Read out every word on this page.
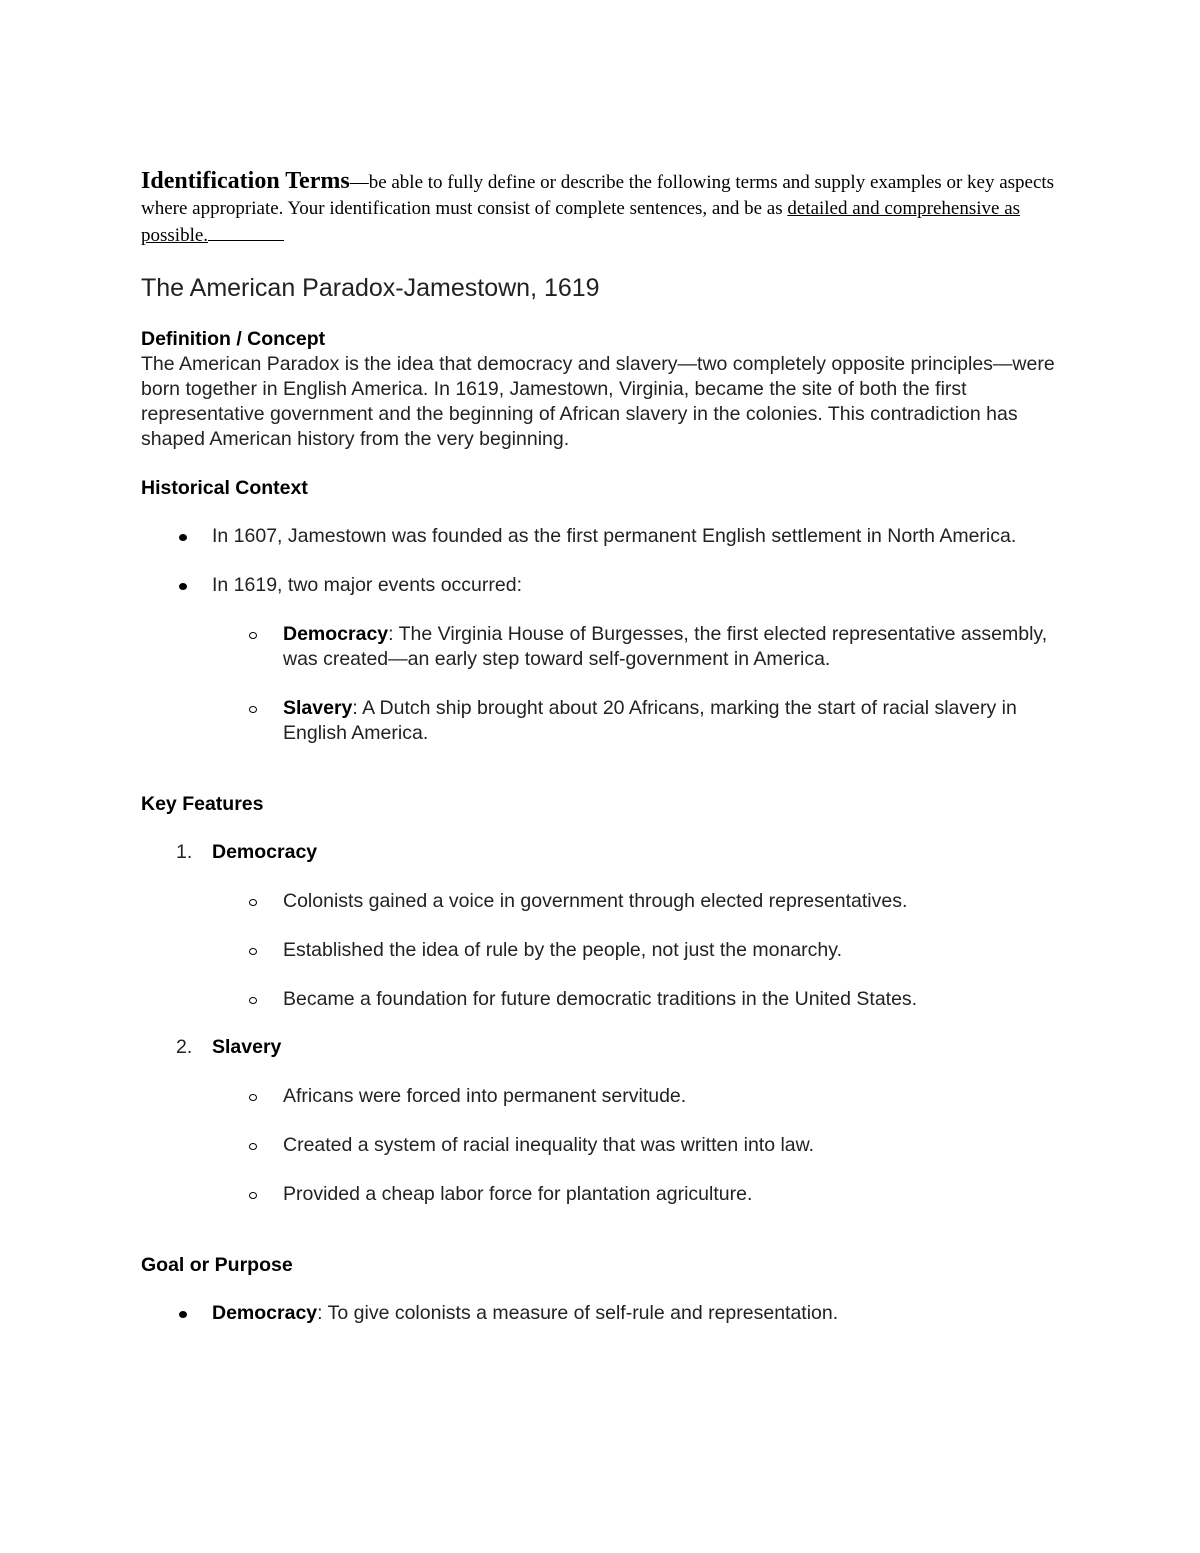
Identification Terms—be able to fully define or describe the following terms and supply examples or key aspects where appropriate. Your identification must consist of complete sentences, and be as detailed and comprehensive as possible.

The American Paradox-Jamestown, 1619
Definition / Concept

The American Paradox is the idea that democracy and slavery—two completely opposite principles—were born together in English America. In 1619, Jamestown, Virginia, became the site of both the first representative government and the beginning of African slavery in the colonies. This contradiction has shaped American history from the very beginning.

Historical Context
In 1607, Jamestown was founded as the first permanent English settlement in North America.
In 1619, two major events occurred:
Democracy: The Virginia House of Burgesses, the first elected representative assembly, was created—an early step toward self-government in America.
Slavery: A Dutch ship brought about 20 Africans, marking the start of racial slavery in English America.
Key Features
1. Democracy
Colonists gained a voice in government through elected representatives.
Established the idea of rule by the people, not just the monarchy.
Became a foundation for future democratic traditions in the United States.
2. Slavery
Africans were forced into permanent servitude.
Created a system of racial inequality that was written into law.
Provided a cheap labor force for plantation agriculture.
Goal or Purpose
Democracy: To give colonists a measure of self-rule and representation.
